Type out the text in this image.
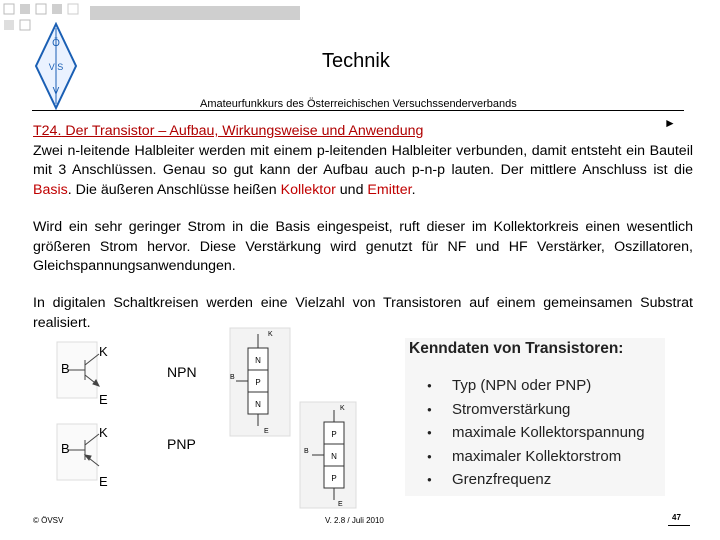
Ö
V S
V
Technik
Amateurfunkkurs des Österreichischen Versuchssenderverbands
►
T24. Der Transistor – Aufbau, Wirkungsweise und Anwendung
Zwei n-leitende Halbleiter werden mit einem p-leitenden Halbleiter verbunden, damit entsteht ein Bauteil mit 3 Anschlüssen. Genau so gut kann der Aufbau auch p-n-p lauten. Der mittlere Anschluss ist die Basis. Die äußeren Anschlüsse heißen Kollektor und Emitter.
Wird ein sehr geringer Strom in die Basis eingespeist, ruft dieser im Kollektorkreis einen wesentlich größeren Strom hervor. Diese Verstärkung wird genutzt für NF und HF Verstärker, Oszillatoren, Gleichspannungsanwendungen.
In digitalen Schaltkreisen werden eine Vielzahl von Transistoren auf einem gemeinsamen Substrat realisiert.
K
B
E
K
B
E
NPN
PNP
K
B
E
N
P
N	K
B
E
P
N
P
Kenndaten von Transistoren:
● Typ (NPN oder PNP)
● Stromverstärkung
● maximale Kollektorspannung
● maximaler Kollektorstrom
● Grenzfrequenz
© ÖVSV	V. 2.8 / Juli 2010	47
